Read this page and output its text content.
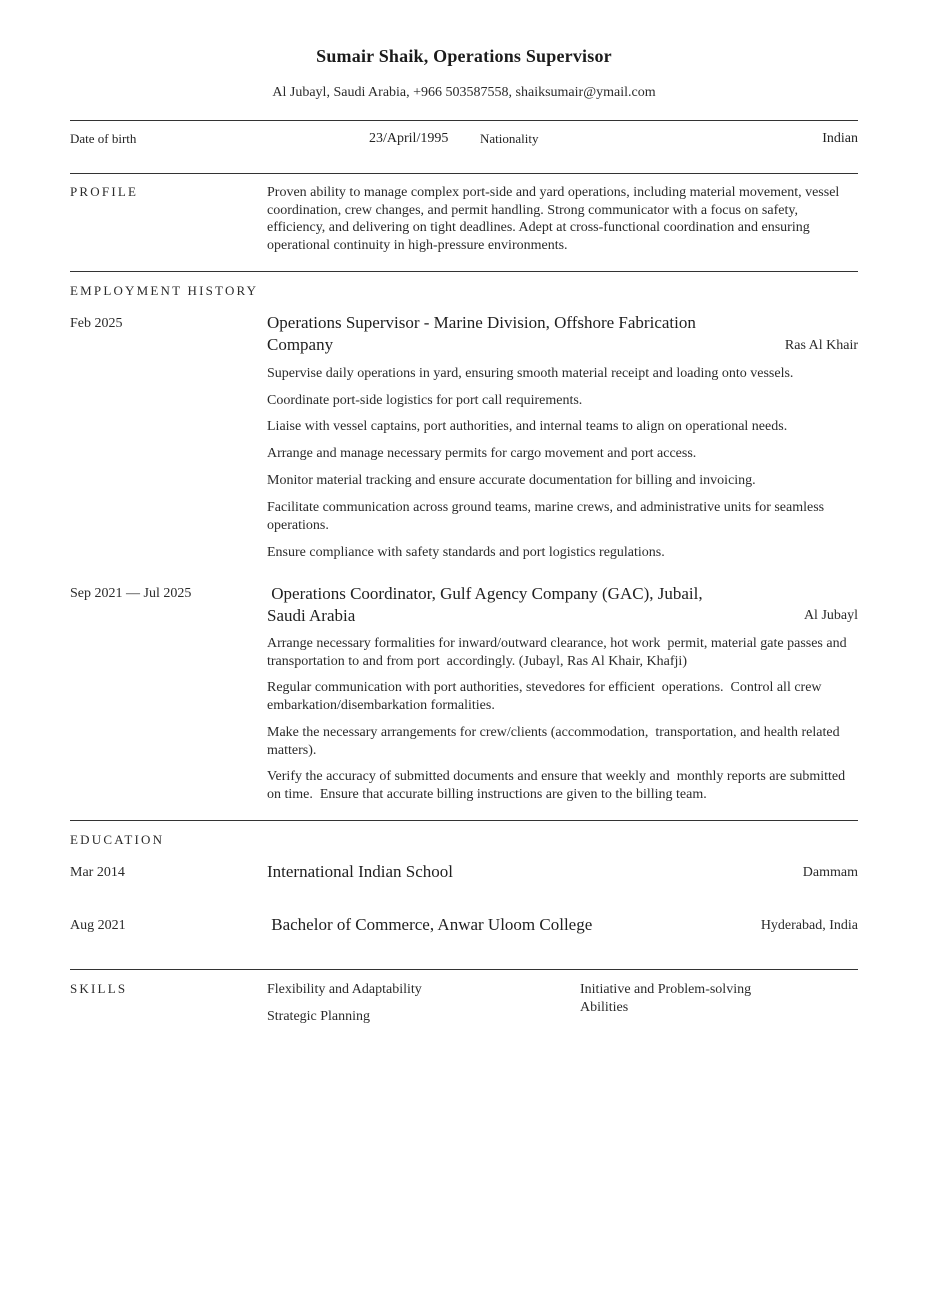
Sumair Shaik, Operations Supervisor
Al Jubayl, Saudi Arabia, +966 503587558, shaiksumair@ymail.com
Date of birth	23/April/1995 Nationality	Indian
PROFILE	Proven ability to manage complex port-side and yard operations, including material movement, vessel coordination, crew changes, and permit handling. Strong communicator with a focus on safety, efficiency, and delivering on tight deadlines. Adept at cross-functional coordination and ensuring operational continuity in high-pressure environments.
EMPLOYMENT HISTORY
Feb 2025	Operations Supervisor - Marine Division, Offshore Fabrication Company	Ras Al Khair
Supervise daily operations in yard, ensuring smooth material receipt and loading onto vessels.
Coordinate port-side logistics for port call requirements.
Liaise with vessel captains, port authorities, and internal teams to align on operational needs.
Arrange and manage necessary permits for cargo movement and port access.
Monitor material tracking and ensure accurate documentation for billing and invoicing.
Facilitate communication across ground teams, marine crews, and administrative units for seamless operations.
Ensure compliance with safety standards and port logistics regulations.
Sep 2021 — Jul 2025	Operations Coordinator, Gulf Agency Company (GAC), Jubail, Saudi Arabia	Al Jubayl
Arrange necessary formalities for inward/outward clearance, hot work  permit, material gate passes and transportation to and from port  accordingly. (Jubayl, Ras Al Khair, Khafji)
Regular communication with port authorities, stevedores for efficient  operations.  Control all crew embarkation/disembarkation formalities.
Make the necessary arrangements for crew/clients (accommodation,  transportation, and health related matters).
Verify the accuracy of submitted documents and ensure that weekly and  monthly reports are submitted on time.  Ensure that accurate billing instructions are given to the billing team.
EDUCATION
Mar 2014	International Indian School	Dammam
Aug 2021	Bachelor of Commerce, Anwar Uloom College	Hyderabad, India
SKILLS	Flexibility and Adaptability	Initiative and Problem-solving Abilities
Strategic Planning
